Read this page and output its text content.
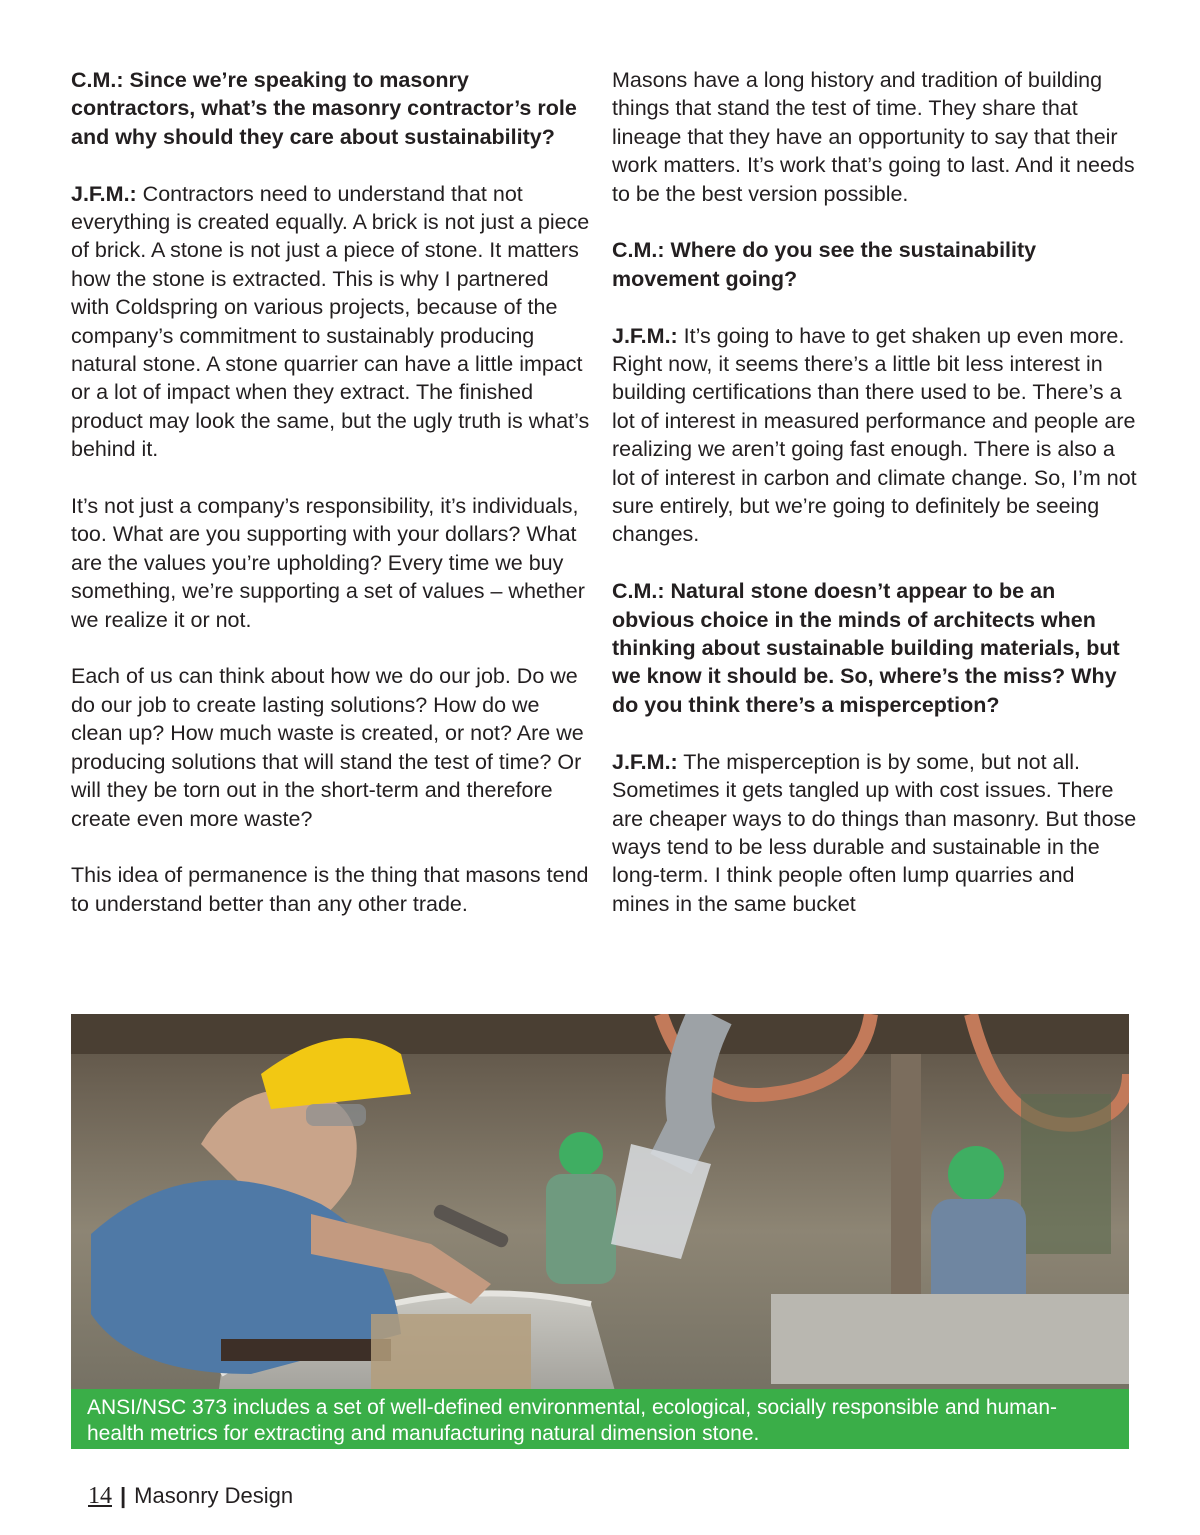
C.M.: Since we’re speaking to masonry contractors, what’s the masonry contractor’s role and why should they care about sustainability?

J.F.M.: Contractors need to understand that not everything is created equally. A brick is not just a piece of brick. A stone is not just a piece of stone. It matters how the stone is extracted. This is why I partnered with Coldspring on various projects, because of the company’s commitment to sustainably producing natural stone. A stone quarrier can have a little impact or a lot of impact when they extract. The finished product may look the same, but the ugly truth is what’s behind it.

It’s not just a company’s responsibility, it’s individuals, too. What are you supporting with your dollars? What are the values you’re upholding? Every time we buy something, we’re supporting a set of values – whether we realize it or not.

Each of us can think about how we do our job. Do we do our job to create lasting solutions? How do we clean up? How much waste is created, or not? Are we producing solutions that will stand the test of time? Or will they be torn out in the short-term and therefore create even more waste?

This idea of permanence is the thing that masons tend to understand better than any other trade.

Masons have a long history and tradition of building things that stand the test of time. They share that lineage that they have an opportunity to say that their work matters. It’s work that’s going to last. And it needs to be the best version possible.

C.M.: Where do you see the sustainability movement going?

J.F.M.: It’s going to have to get shaken up even more. Right now, it seems there’s a little bit less interest in building certifications than there used to be. There’s a lot of interest in measured performance and people are realizing we aren’t going fast enough. There is also a lot of interest in carbon and climate change. So, I’m not sure entirely, but we’re going to definitely be seeing changes.

C.M.: Natural stone doesn’t appear to be an obvious choice in the minds of architects when thinking about sustainable building materials, but we know it should be. So, where’s the miss? Why do you think there’s a misperception?

J.F.M.: The misperception is by some, but not all. Sometimes it gets tangled up with cost issues. There are cheaper ways to do things than masonry. But those ways tend to be less durable and sustainable in the long-term. I think people often lump quarries and mines in the same bucket

ANSI/NSC 373 includes a set of well-defined environmental, ecological, socially responsible and human-health metrics for extracting and manufacturing natural dimension stone.
14 | Masonry Design
